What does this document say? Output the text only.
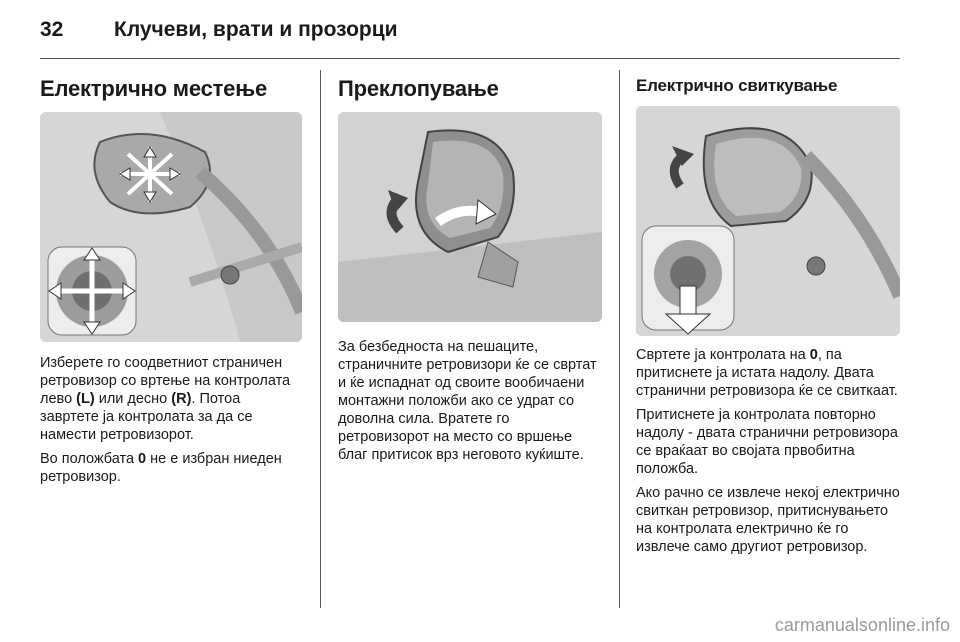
32 Клучеви, врати и прозорци
Електрично местење

Изберете го соодветниот страничен ретровизор со вртење на контролата лево (L) или десно (R). Потоа завртете ја контролата за да се намести ретровизорот.

Во положбата 0 не е избран ниеден ретровизор.

Преклопување

За безбедноста на пешаците, страничните ретровизори ќе се свртат и ќе испаднат од своите вообичаени монтажни положби ако се удрат со доволна сила. Вратете го ретровизорот на место со вршење благ притисок врз неговото куќиште.

Електрично свиткување

Свртете ја контролата на 0, па притиснете ја истата надолу. Двата странични ретровизора ќе се свиткаат.

Притиснете ја контролата повторно надолу - двата странични ретровизора се враќаат во својата првобитна положба.

Ако рачно се извлече некој електрично свиткан ретровизор, притиснувањето на контролата електрично ќе го извлече само другиот ретровизор.

carmanualsonline.info
